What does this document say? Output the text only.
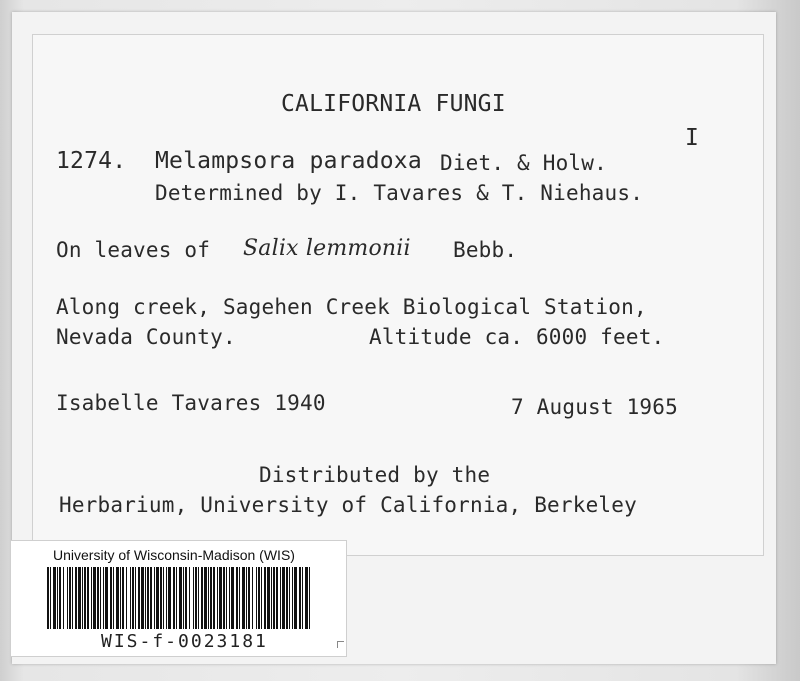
CALIFORNIA FUNGI
I
1274. Melampsora paradoxa Diet. & Holw.
Determined by I. Tavares & T. Niehaus.
On leaves of Salix lemmonii Bebb.
Along creek, Sagehen Creek Biological Station,
Nevada County.	Altitude ca. 6000 feet.
Isabelle Tavares 1940	7 August 1965
Distributed by the
Herbarium, University of California, Berkeley
University of Wisconsin-Madison (WIS)
WIS-f-0023181
